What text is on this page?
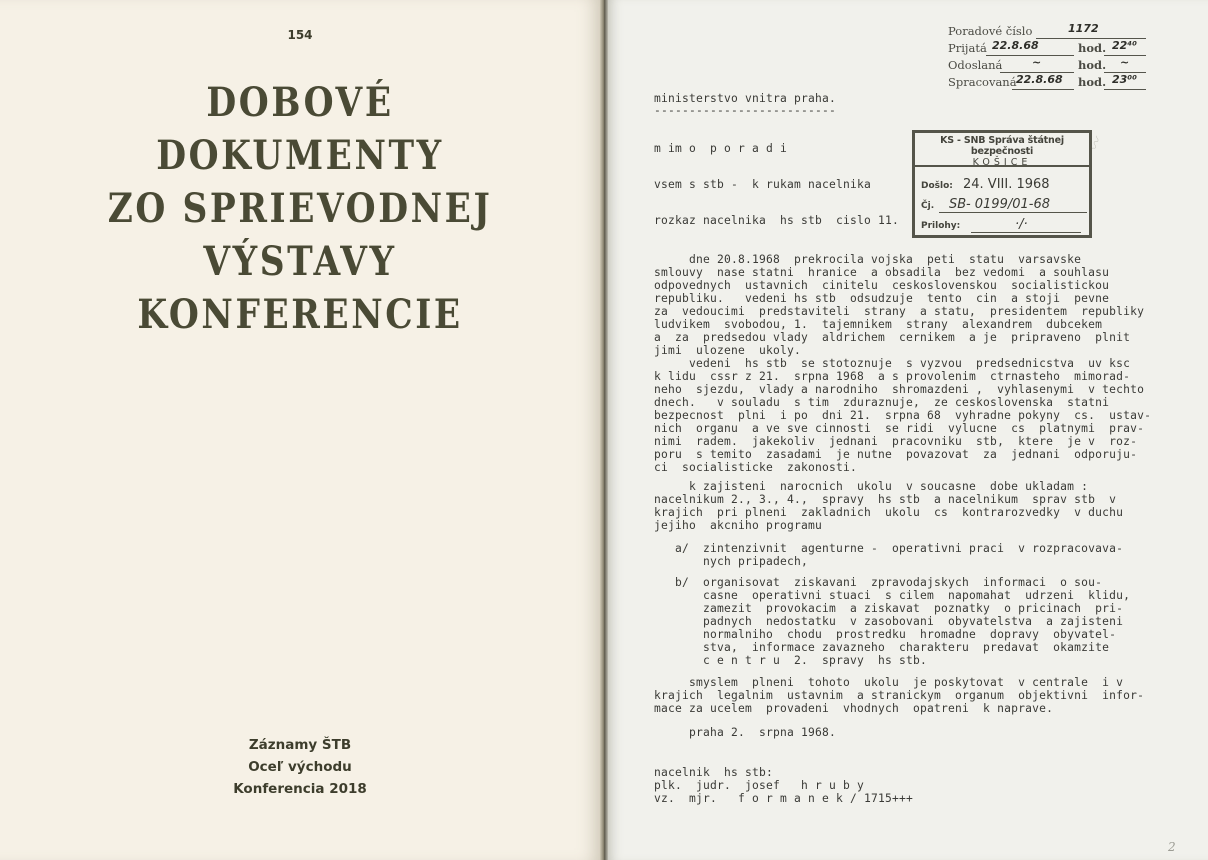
154
DOBOVÉ
DOKUMENTY
ZO SPRIEVODNEJ
VÝSTAVY
KONFERENCIE
Záznamy ŠTB
Oceľ východu
Konferencia 2018
Poradové číslo	1172
Prijatá 22.8.68	hod. 22⁴⁰
Odoslaná	~	hod. ~
Spracovaná 22.8.68 hod. 23⁰⁰
〰
ministerstvo vnitra praha.
--------------------------
m im o  p o r a d i
vsem s stb -  k rukam nacelnika
rozkaz nacelnika  hs stb  cislo 11.
KS - SNB Správa štátnej bezpečnosti
KOŠICE
Došlo: 24. VIII. 1968
Čj. SB- 0199/01-68
Prilohy:	·/·
dne 20.8.1968  prekrocila vojska  peti  statu  varsavske
smlouvy  nase statni  hranice  a obsadila  bez vedomi  a souhlasu
odpovednych  ustavnich  cinitelu  ceskoslovenskou  socialistickou
republiku.   vedeni hs stb  odsudzuje  tento  cin  a stoji  pevne
za  vedoucimi  predstaviteli  strany  a statu,  presidentem  republiky
ludvikem  svobodou, 1.  tajemnikem  strany  alexandrem  dubcekem
a  za  predsedou vlady  aldrichem  cernikem  a je  pripraveno  plnit
jimi  ulozene  ukoly.
vedeni  hs stb  se stotoznuje  s vyzvou  predsednicstva  uv ksc
k lidu  cssr z 21.  srpna 1968  a s provolenim  ctrnasteho  mimorad-
neho  sjezdu,  vlady a narodniho  shromazdeni ,  vyhlasenymi  v techto
dnech.   v souladu  s tim  zduraznuje,  ze ceskoslovenska  statni
bezpecnost  plni  i po  dni 21.  srpna 68  vyhradne pokyny  cs.  ustav-
nich  organu  a ve sve cinnosti  se ridi  vylucne  cs  platnymi  prav-
nimi  radem.  jakekoliv  jednani  pracovniku  stb,  ktere  je v  roz-
poru  s temito  zasadami  je nutne  povazovat  za  jednani  odporuju-
ci  socialisticke  zakonosti.
k zajisteni  narocnich  ukolu  v soucasne  dobe ukladam :
nacelnikum 2., 3., 4.,  spravy  hs stb  a nacelnikum  sprav stb  v
krajich  pri plneni  zakladnich  ukolu  cs  kontrarozvedky  v duchu
jejiho  akcniho programu
a/  zintenzivnit  agenturne -  operativni praci  v rozpracovava-
nych pripadech,
b/  organisovat  ziskavani  zpravodajskych  informaci  o sou-
casne  operativni stuaci  s cilem  napomahat  udrzeni  klidu,
zamezit  provokacim  a ziskavat  poznatky  o pricinach  pri-
padnych  nedostatku  v zasobovani  obyvatelstva  a zajisteni
normalniho  chodu  prostredku  hromadne  dopravy  obyvatel-
stva,  informace zavazneho  charakteru  predavat  okamzite
c e n t r u  2.  spravy  hs stb.
smyslem  plneni  tohoto  ukolu  je poskytovat  v centrale  i v
krajich  legalnim  ustavnim  a stranickym  organum  objektivni  infor-
mace za ucelem  provadeni  vhodnych  opatreni  k naprave.
praha 2.  srpna 1968.
nacelnik  hs stb:
plk.  judr.  josef   h r u b y
vz.  mjr.   f o r m a n e k / 1715+++
2
